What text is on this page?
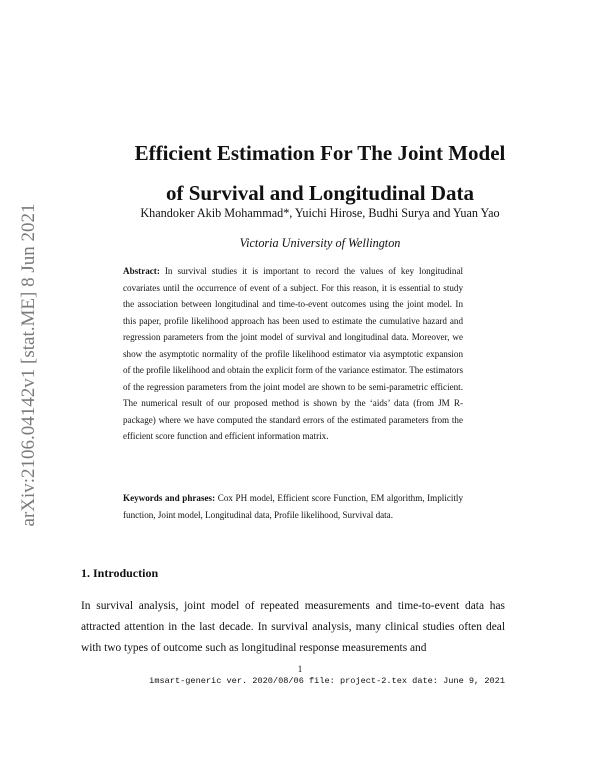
arXiv:2106.04142v1 [stat.ME] 8 Jun 2021
Efficient Estimation For The Joint Model
of Survival and Longitudinal Data
Khandoker Akib Mohammad*, Yuichi Hirose, Budhi Surya and Yuan Yao
Victoria University of Wellington
Abstract: In survival studies it is important to record the values of key longitudinal covariates until the occurrence of event of a subject. For this reason, it is essential to study the association between longitudinal and time-to-event outcomes using the joint model. In this paper, profile likelihood approach has been used to estimate the cumulative hazard and regression parameters from the joint model of survival and longitudinal data. Moreover, we show the asymptotic normality of the profile likelihood estimator via asymptotic expansion of the profile likelihood and obtain the explicit form of the variance estimator. The estimators of the regression parameters from the joint model are shown to be semi-parametric efficient. The numerical result of our proposed method is shown by the ‘aids’ data (from JM R-package) where we have computed the standard errors of the estimated parameters from the efficient score function and efficient information matrix.
Keywords and phrases: Cox PH model, Efficient score Function, EM algorithm, Implicitly function, Joint model, Longitudinal data, Profile likelihood, Survival data.
1. Introduction
In survival analysis, joint model of repeated measurements and time-to-event data has attracted attention in the last decade. In survival analysis, many clinical studies often deal with two types of outcome such as longitudinal response measurements and
1
imsart-generic ver. 2020/08/06 file: project-2.tex date: June 9, 2021
